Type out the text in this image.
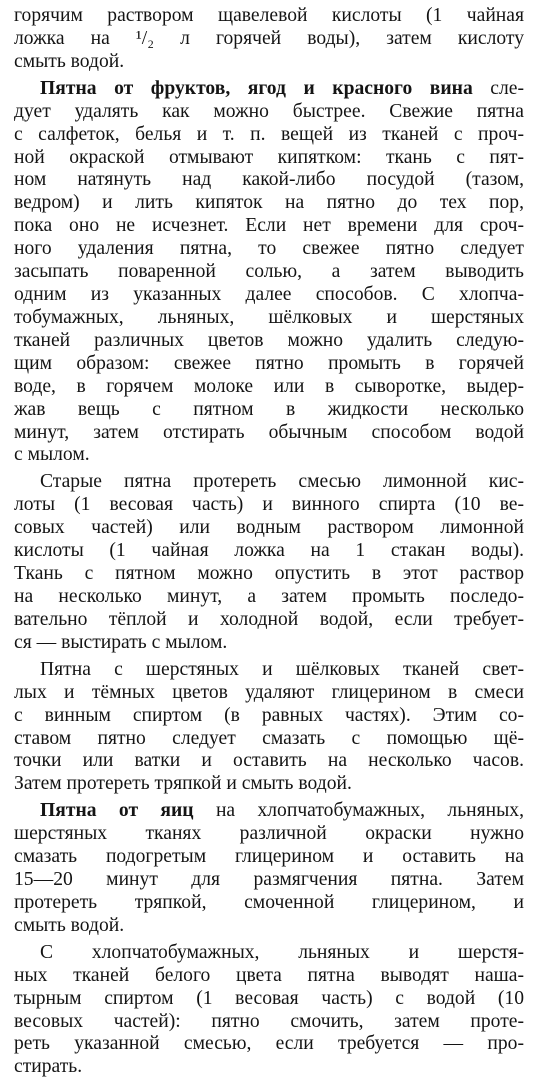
горячим раствором щавелевой кислоты (1 чайная
ложка на ¹/₂ л горячей воды), затем кислоту
смыть водой.
Пятна от фруктов, ягод и красного вина сле-
дует удалять как можно быстрее. Свежие пятна
с салфеток, белья и т. п. вещей из тканей с проч-
ной окраской отмывают кипятком: ткань с пят-
ном натянуть над какой-либо посудой (тазом,
ведром) и лить кипяток на пятно до тех пор,
пока оно не исчезнет. Если нет времени для сроч-
ного удаления пятна, то свежее пятно следует
засыпать поваренной солью, а затем выводить
одним из указанных далее способов. С хлопча-
тобумажных, льняных, шёлковых и шерстяных
тканей различных цветов можно удалить следую-
щим образом: свежее пятно промыть в горячей
воде, в горячем молоке или в сыворотке, выдер-
жав вещь с пятном в жидкости несколько
минут, затем отстирать обычным способом водой
с мылом.
Старые пятна протереть смесью лимонной кис-
лоты (1 весовая часть) и винного спирта (10 ве-
совых частей) или водным раствором лимонной
кислоты (1 чайная ложка на 1 стакан воды).
Ткань с пятном можно опустить в этот раствор
на несколько минут, а затем промыть последо-
вательно тёплой и холодной водой, если требует-
ся — выстирать с мылом.
Пятна с шерстяных и шёлковых тканей свет-
лых и тёмных цветов удаляют глицерином в смеси
с винным спиртом (в равных частях). Этим со-
ставом пятно следует смазать с помощью щё-
точки или ватки и оставить на несколько часов.
Затем протереть тряпкой и смыть водой.
Пятна от яиц на хлопчатобумажных, льняных,
шерстяных тканях различной окраски нужно
смазать подогретым глицерином и оставить на
15—20 минут для размягчения пятна. Затем
протереть тряпкой, смоченной глицерином, и
смыть водой.
С хлопчатобумажных, льняных и шерстя-
ных тканей белого цвета пятна выводят наша-
тырным спиртом (1 весовая часть) с водой (10
весовых частей): пятно смочить, затем проте-
реть указанной смесью, если требуется — про-
стирать.
